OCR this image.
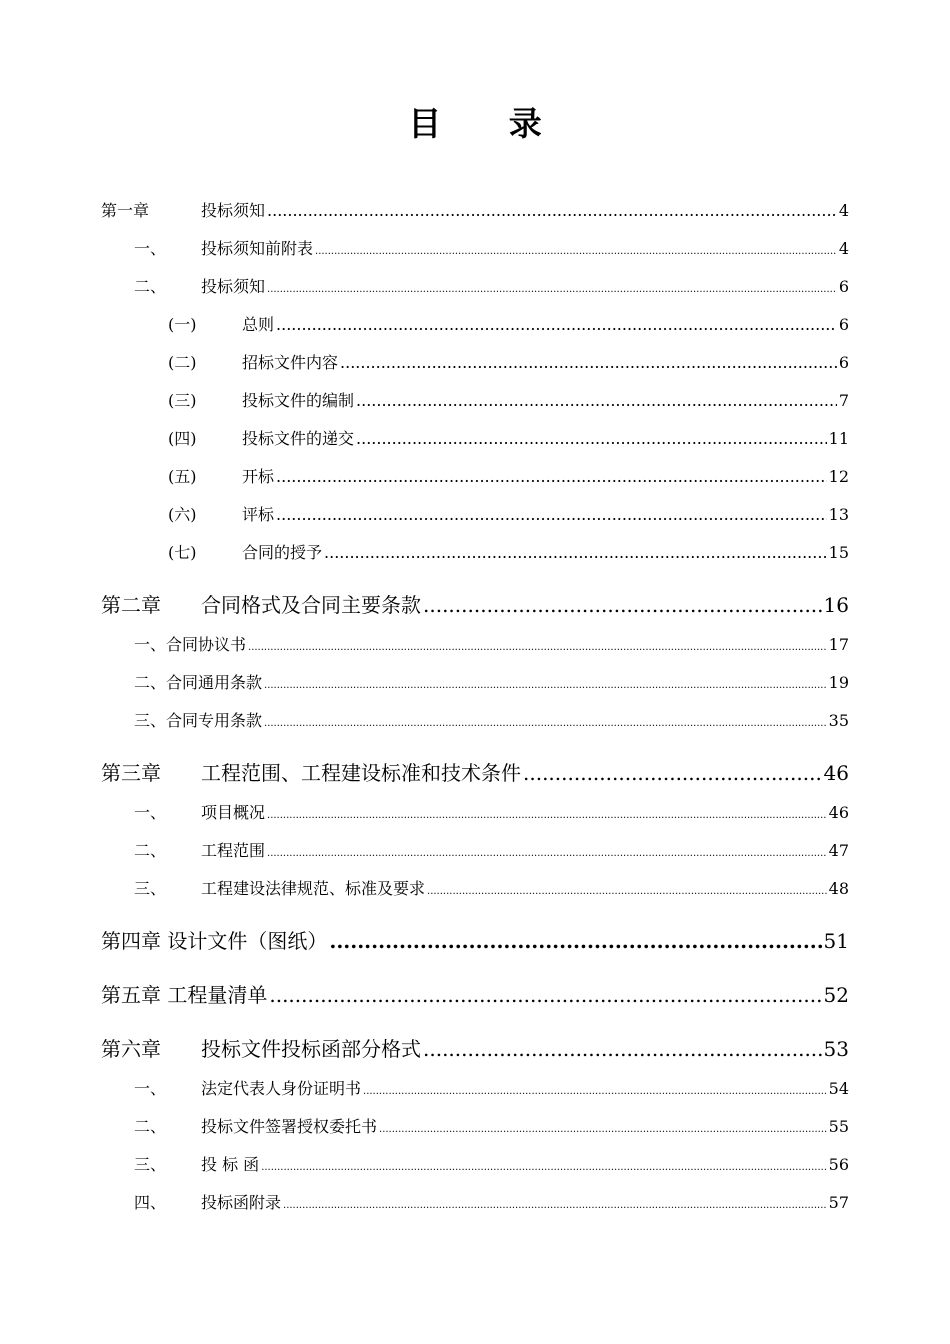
目 录
第一章	投标须知 .....	4
一、	投标须知前附表 .....	4
二、	投标须知 .....	6
(一)	总则 .....	6
(二)	招标文件内容 .....	6
(三)	投标文件的编制 .....	7
(四)	投标文件的递交 .....	11
(五)	开标 .....	12
(六)	评标 .....	13
(七)	合同的授予 .....	15
第二章	合同格式及合同主要条款 .....	16
一、合同协议书 .....	17
二、合同通用条款 .....	19
三、合同专用条款 .....	35
第三章	工程范围、工程建设标准和技术条件 .....	46
一、	项目概况 .....	46
二、	工程范围 .....	47
三、	工程建设法律规范、标准及要求 .....	48
第四章 设计文件（图纸） .....	51
第五章 工程量清单 .....	52
第六章	投标文件投标函部分格式 .....	53
一、	法定代表人身份证明书 .....	54
二、	投标文件签署授权委托书 .....	55
三、	投 标 函 .....	56
四、	投标函附录 .....	57
